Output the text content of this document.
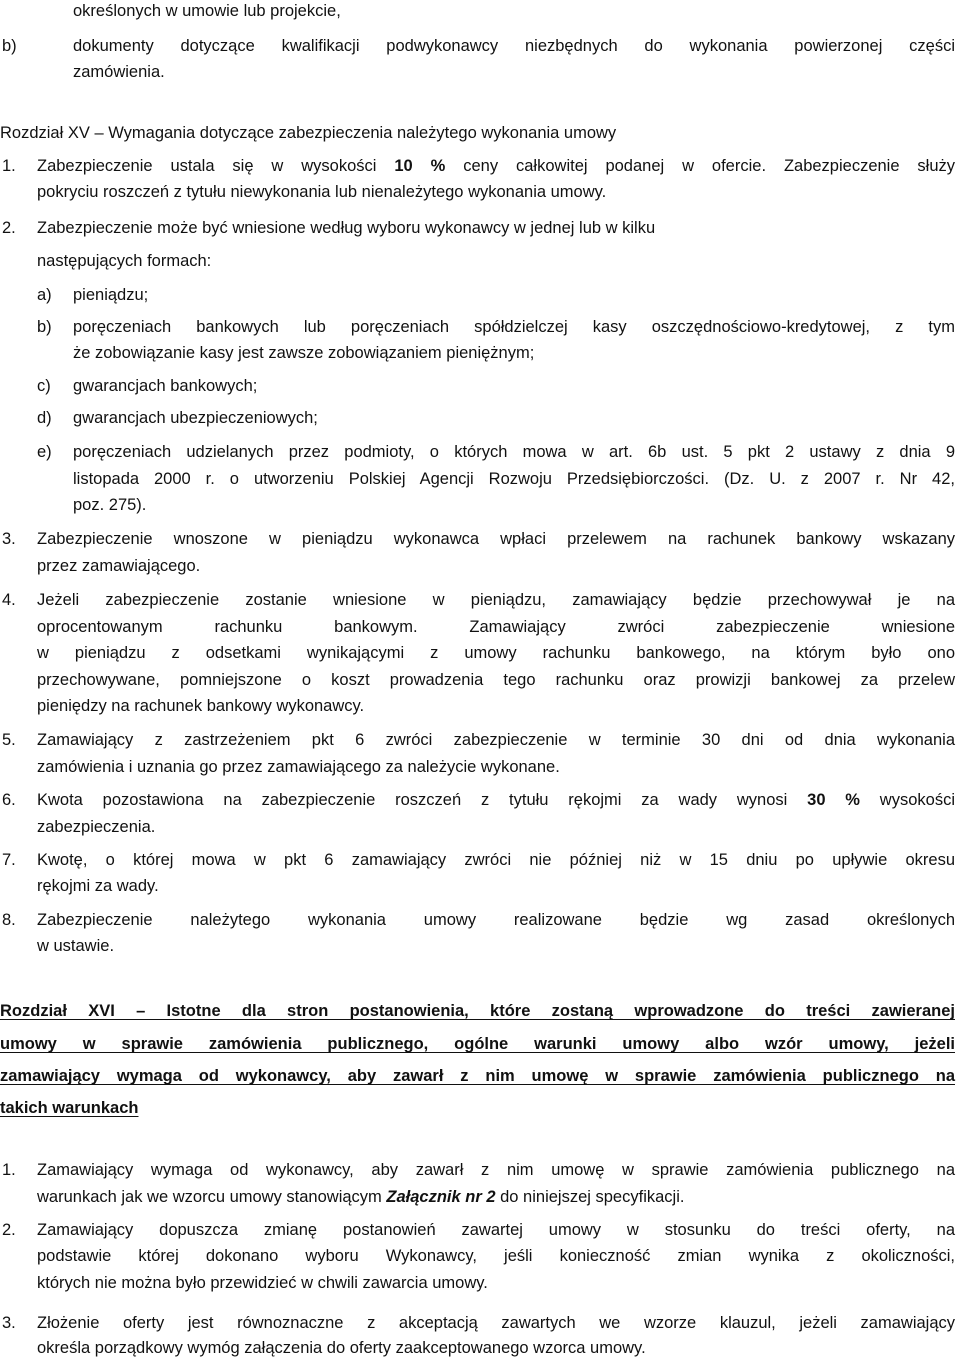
określonych w umowie lub projekcie,
b)	dokumenty dotyczące kwalifikacji podwykonawcy niezbędnych do wykonania powierzonej części
zamówienia.
Rozdział XV – Wymagania dotyczące zabezpieczenia należytego wykonania umowy
1. Zabezpieczenie ustala się w wysokości 10 % ceny całkowitej podanej w ofercie. Zabezpieczenie służy
pokryciu roszczeń z tytułu niewykonania lub nienależytego wykonania umowy.
2. Zabezpieczenie może być wniesione według wyboru wykonawcy w jednej lub w kilku
następujących formach:
a) pieniądzu;
b) poręczeniach bankowych lub poręczeniach spółdzielczej kasy oszczędnościowo-kredytowej, z tym
że zobowiązanie kasy jest zawsze zobowiązaniem pieniężnym;
c) gwarancjach bankowych;
d) gwarancjach ubezpieczeniowych;
e) poręczeniach udzielanych przez podmioty, o których mowa w art. 6b ust. 5 pkt 2 ustawy z dnia 9
listopada 2000 r. o utworzeniu Polskiej Agencji Rozwoju Przedsiębiorczości. (Dz. U. z 2007 r. Nr 42,
poz. 275).
3. Zabezpieczenie wnoszone w pieniądzu wykonawca wpłaci przelewem na rachunek bankowy wskazany
przez zamawiającego.
4. Jeżeli zabezpieczenie zostanie wniesione w pieniądzu, zamawiający będzie przechowywał je na
oprocentowanym rachunku bankowym. Zamawiający zwróci zabezpieczenie wniesione
w pieniądzu z odsetkami wynikającymi z umowy rachunku bankowego, na którym było ono
przechowywane, pomniejszone o koszt prowadzenia tego rachunku oraz prowizji bankowej za przelew
pieniędzy na rachunek bankowy wykonawcy.
5. Zamawiający z zastrzeżeniem pkt 6 zwróci zabezpieczenie w terminie 30 dni od dnia wykonania
zamówienia i uznania go przez zamawiającego za należycie wykonane.
6. Kwota pozostawiona na zabezpieczenie roszczeń z tytułu rękojmi za wady wynosi 30 % wysokości
zabezpieczenia.
7. Kwotę, o której mowa w pkt 6 zamawiający zwróci nie później niż w 15 dniu po upływie okresu
rękojmi za wady.
8. Zabezpieczenie należytego wykonania umowy realizowane będzie wg zasad określonych
w ustawie.
Rozdział XVI – Istotne dla stron postanowienia, które zostaną wprowadzone do treści zawieranej
umowy w sprawie zamówienia publicznego, ogólne warunki umowy albo wzór umowy, jeżeli
zamawiający wymaga od wykonawcy, aby zawarł z nim umowę w sprawie zamówienia publicznego na
takich warunkach
1. Zamawiający wymaga od wykonawcy, aby zawarł z nim umowę w sprawie zamówienia publicznego na
warunkach jak we wzorcu umowy stanowiącym Załącznik nr 2 do niniejszej specyfikacji.
2. Zamawiający dopuszcza zmianę postanowień zawartej umowy w stosunku do treści oferty, na
podstawie której dokonano wyboru Wykonawcy, jeśli konieczność zmian wynika z okoliczności,
których nie można było przewidzieć w chwili zawarcia umowy.
3. Złożenie oferty jest równoznaczne z akceptacją zawartych we wzorze klauzul, jeżeli zamawiający
określa porządkowy wymóg załączenia do oferty zaakceptowanego wzorca umowy.
